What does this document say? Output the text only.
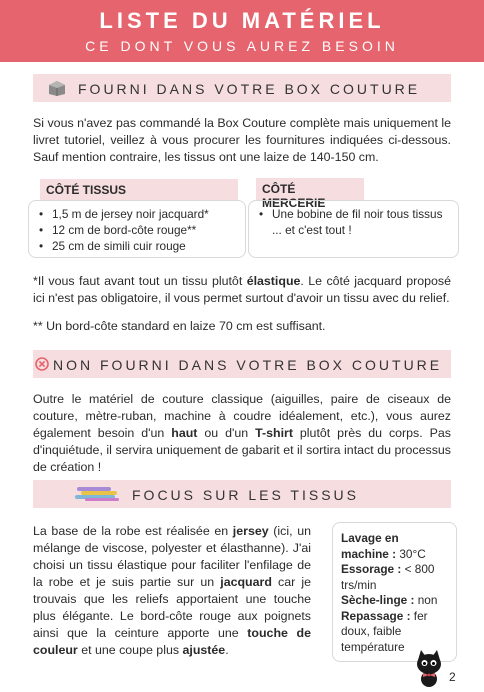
LISTE DU MATÉRIEL
CE DONT VOUS AUREZ BESOIN
FOURNI DANS VOTRE BOX COUTURE
Si vous n'avez pas commandé la Box Couture complète mais uniquement le livret tutoriel, veillez à vous procurer les fournitures indiquées ci-dessous. Sauf mention contraire, les tissus ont une laize de 140-150 cm.
CÔTÉ TISSUS
• 1,5 m de jersey noir jacquard*
• 12 cm de bord-côte rouge**
• 25 cm de simili cuir rouge
CÔTÉ MERCERIE
• Une bobine de fil noir tous tissus ... et c'est tout !
*Il vous faut avant tout un tissu plutôt élastique. Le côté jacquard proposé ici n'est pas obligatoire, il vous permet surtout d'avoir un tissu avec du relief.
** Un bord-côte standard en laize 70 cm est suffisant.
NON FOURNI DANS VOTRE BOX COUTURE
Outre le matériel de couture classique (aiguilles, paire de ciseaux de couture, mètre-ruban, machine à coudre idéalement, etc.), vous aurez également besoin d'un haut ou d'un T-shirt plutôt près du corps. Pas d'inquiétude, il servira uniquement de gabarit et il sortira intact du processus de création !
FOCUS SUR LES TISSUS
La base de la robe est réalisée en jersey (ici, un mélange de viscose, polyester et élasthanne). J'ai choisi un tissu élastique pour faciliter l'enfilage de la robe et je suis partie sur un jacquard car je trouvais que les reliefs apportaient une touche plus élégante. Le bord-côte rouge aux poignets ainsi que la ceinture apporte une touche de couleur et une coupe plus ajustée.
Lavage en machine : 30°C
Essorage : < 800 trs/min
Sèche-linge : non
Repassage : fer doux, faible température
2
